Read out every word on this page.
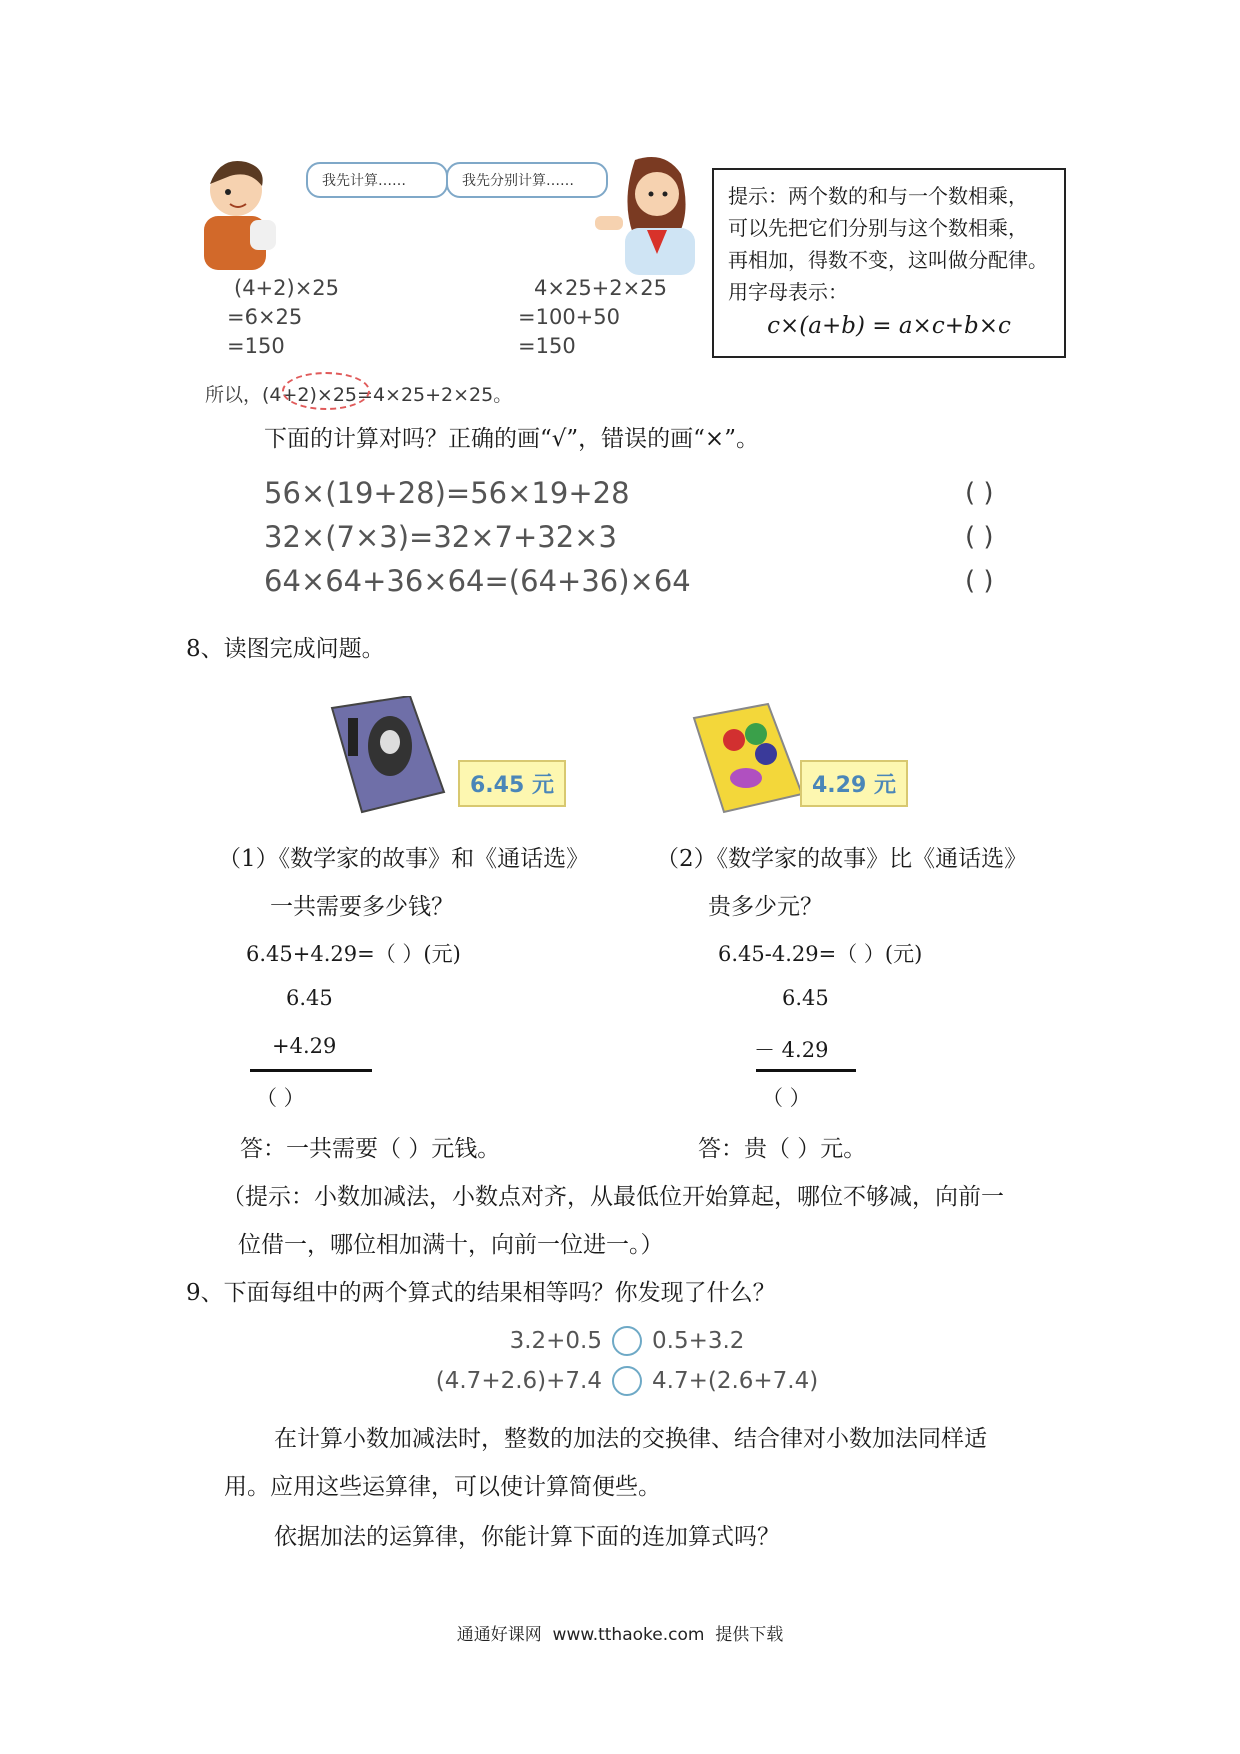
我先计算……	我先分别计算……
(4+2)×25
=6×25
=150
4×25+2×25
=100+50
=150
提示：两个数的和与一个数相乘，
可以先把它们分别与这个数相乘，
再相加，得数不变，这叫做分配律。
用字母表示：
c×(a+b) = a×c+b×c
所以，(4+2)×25=4×25+2×25。
下面的计算对吗？正确的画“√”，错误的画“×”。
56×(19+28)=56×19+28	( )
32×(7×3)=32×7+32×3	( )
64×64+36×64=(64+36)×64	( )
8、读图完成问题。
6.45 元	4.29 元
（1）《数学家的故事》和《通话选》
一共需要多少钱？
6.45+4.29=（ ）(元)
6.45
+4.29
（ ）
答：一共需要（ ）元钱。
（2）《数学家的故事》比《通话选》
贵多少元？
6.45-4.29=（ ）(元)
6.45
－ 4.29
（ ）
答：贵（ ）元。
（提示：小数加减法，小数点对齐，从最低位开始算起，哪位不够减，向前一
位借一，哪位相加满十，向前一位进一。）
9、下面每组中的两个算式的结果相等吗？你发现了什么？
3.2+0.5 0.5+3.2
(4.7+2.6)+7.4 4.7+(2.6+7.4)
在计算小数加减法时，整数的加法的交换律、结合律对小数加法同样适
用。应用这些运算律，可以使计算简便些。
依据加法的运算律，你能计算下面的连加算式吗？
通通好课网  www.tthaoke.com  提供下载
